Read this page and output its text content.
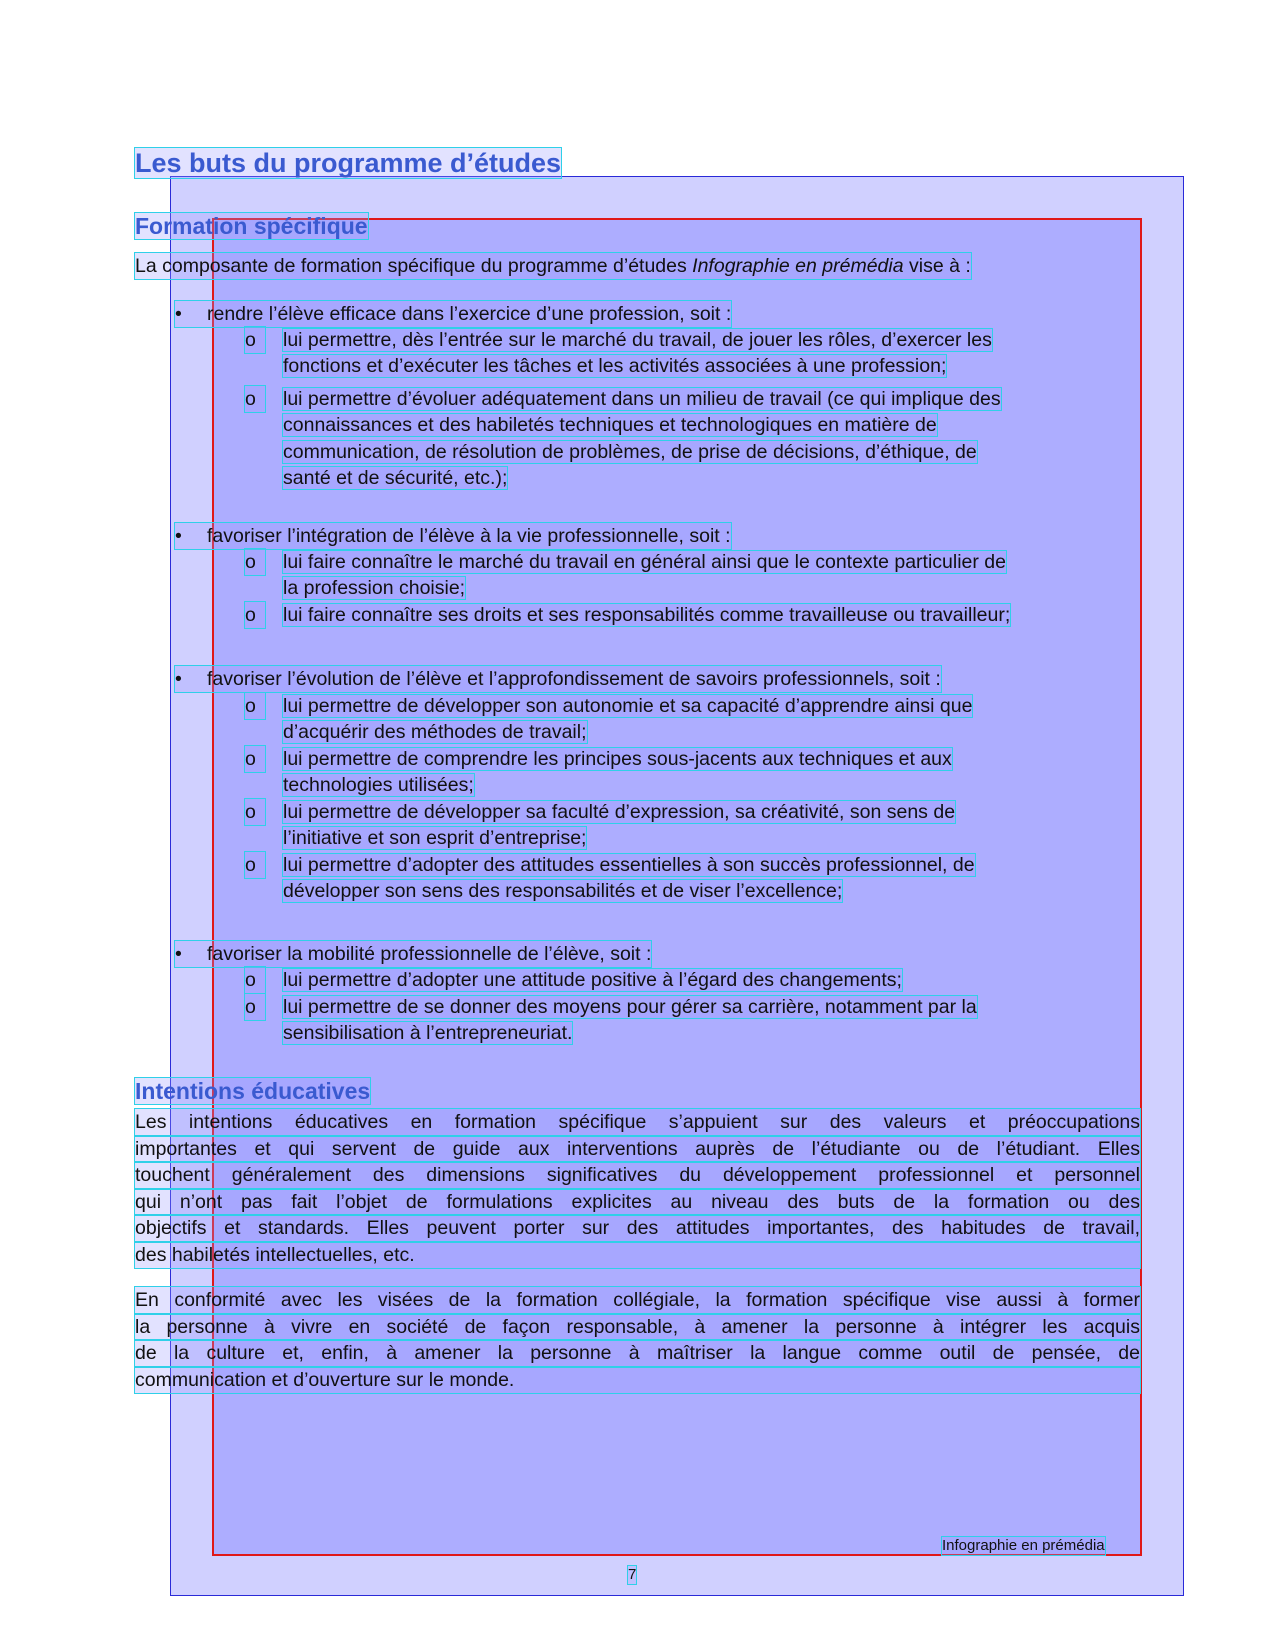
Les buts du programme d’études
Formation spécifique
La composante de formation spécifique du programme d’études Infographie en prémédia vise à :
• rendre l’élève efficace dans l’exercice d’une profession, soit :
o	lui permettre, dès l’entrée sur le marché du travail, de jouer les rôles, d’exercer les
fonctions et d’exécuter les tâches et les activités associées à une profession;
o	lui permettre d’évoluer adéquatement dans un milieu de travail (ce qui implique des
connaissances et des habiletés techniques et technologiques en matière de
communication, de résolution de problèmes, de prise de décisions, d’éthique, de
santé et de sécurité, etc.);
• favoriser l’intégration de l’élève à la vie professionnelle, soit :
o	lui faire connaître le marché du travail en général ainsi que le contexte particulier de
la profession choisie;
o	lui faire connaître ses droits et ses responsabilités comme travailleuse ou travailleur;
• favoriser l’évolution de l’élève et l’approfondissement de savoirs professionnels, soit :
o	lui permettre de développer son autonomie et sa capacité d’apprendre ainsi que
d’acquérir des méthodes de travail;
o	lui permettre de comprendre les principes sous-jacents aux techniques et aux
technologies utilisées;
o	lui permettre de développer sa faculté d’expression, sa créativité, son sens de
l’initiative et son esprit d’entreprise;
o	lui permettre d’adopter des attitudes essentielles à son succès professionnel, de
développer son sens des responsabilités et de viser l’excellence;
• favoriser la mobilité professionnelle de l’élève, soit :
o	lui permettre d’adopter une attitude positive à l’égard des changements;
o	lui permettre de se donner des moyens pour gérer sa carrière, notamment par la
sensibilisation à l’entrepreneuriat.
Intentions éducatives

Les intentions éducatives en formation spécifique s’appuient sur des valeurs et préoccupations
importantes et qui servent de guide aux interventions auprès de l’étudiante ou de l’étudiant. Elles
touchent généralement des dimensions significatives du développement professionnel et personnel
qui n’ont pas fait l’objet de formulations explicites au niveau des buts de la formation ou des
objectifs et standards. Elles peuvent porter sur des attitudes importantes, des habitudes de travail,
des habiletés intellectuelles, etc.

En conformité avec les visées de la formation collégiale, la formation spécifique vise aussi à former
la personne à vivre en société de façon responsable, à amener la personne à intégrer les acquis
de la culture et, enfin, à amener la personne à maîtriser la langue comme outil de pensée, de
communication et d’ouverture sur le monde.

Infographie en prémédia
7
